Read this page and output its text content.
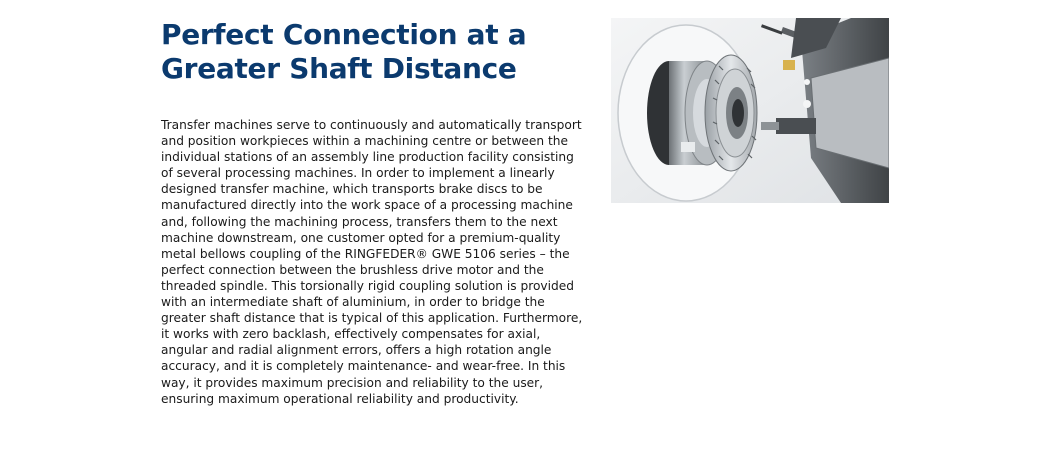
Perfect Connection at a Greater Shaft Distance

Transfer machines serve to continuously and automatically transport and position workpieces within a machining centre or between the individual stations of an assembly line production facility consisting of several processing machines. In order to implement a linearly designed transfer machine, which transports brake discs to be manufactured directly into the work space of a processing machine and, following the machining process, transfers them to the next machine downstream, one customer opted for a premium-quality metal bellows coupling of the RINGFEDER® GWE 5106 series – the perfect connection between the brushless drive motor and the threaded spindle. This torsionally rigid coupling solution is provided with an intermediate shaft of aluminium, in order to bridge the greater shaft distance that is typical of this application. Furthermore, it works with zero backlash, effectively compensates for axial, angular and radial alignment errors, offers a high rotation angle accuracy, and it is completely maintenance- and wear-free. In this way, it provides maximum precision and reliability to the user, ensuring maximum operational reliability and productivity.
